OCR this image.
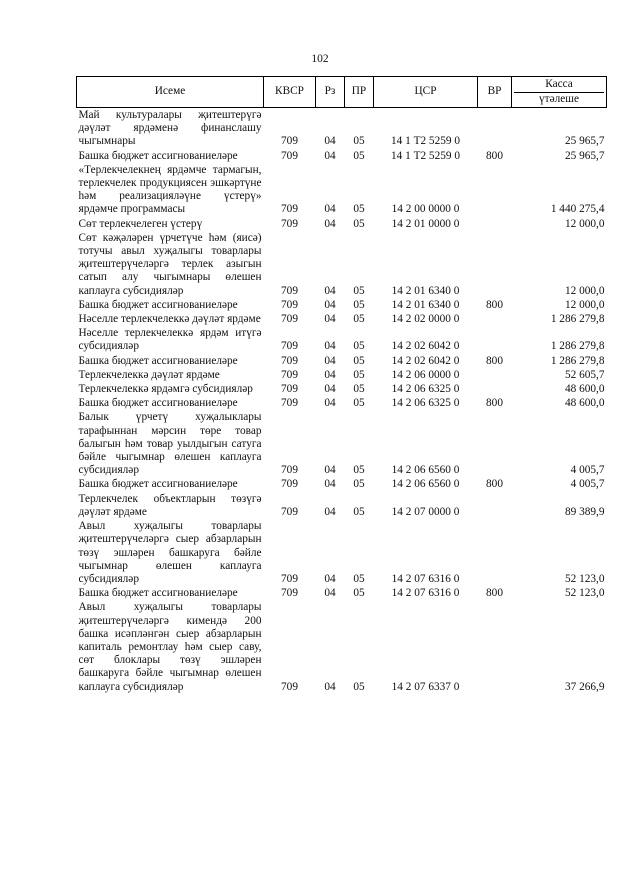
102
Исеме	КВСР	Рз	ПР	ЦСР	ВР	Касса
үтәлеше

Май культуралары җитештерүгә дәүләт ярдәменә финанслашу чыгымнары	709	04	05	14 1 Т2 5259 0		25 965,7
Башка бюджет ассигнованиеләре	709	04	05	14 1 Т2 5259 0	800	25 965,7
«Терлекчелекнең ярдәмче тармагын, терлекчелек продукциясен эшкәртүне һәм реализацияләүне үстерү» ярдәмче программасы	709	04	05	14 2 00 0000 0		1 440 275,4
Сөт терлекчелеген үстерү	709	04	05	14 2 01 0000 0		12 000,0
Сөт кәҗәләрен үрчетүче һәм (яисә) тотучы авыл хуҗалыгы товарлары җитештерүчеләргә терлек азыгын сатып алу чыгымнары өлешен каплауга субсидияләр	709	04	05	14 2 01 6340 0		12 000,0
Башка бюджет ассигнованиеләре	709	04	05	14 2 01 6340 0	800	12 000,0
Нәселле терлекчелеккә дәүләт ярдәме	709	04	05	14 2 02 0000 0		1 286 279,8
Нәселле терлекчелеккә ярдәм итүгә субсидияләр	709	04	05	14 2 02 6042 0		1 286 279,8
Башка бюджет ассигнованиеләре	709	04	05	14 2 02 6042 0	800	1 286 279,8
Терлекчелеккә дәүләт ярдәме	709	04	05	14 2 06 0000 0		52 605,7
Терлекчелеккә ярдәмгә субсидияләр	709	04	05	14 2 06 6325 0		48 600,0
Башка бюджет ассигнованиеләре	709	04	05	14 2 06 6325 0	800	48 600,0
Балык үрчетү хуҗалыклары тарафыннан мәрсин төре товар балыгын һәм товар уылдыгын сатуга бәйле чыгымнар өлешен каплауга субсидияләр	709	04	05	14 2 06 6560 0		4 005,7
Башка бюджет ассигнованиеләре	709	04	05	14 2 06 6560 0	800	4 005,7
Терлекчелек объектларын төзүгә дәүләт ярдәме	709	04	05	14 2 07 0000 0		89 389,9
Авыл хуҗалыгы товарлары җитештерүчеләргә сыер абзарларын төзү эшләрен башкаруга бәйле чыгымнар өлешен каплауга субсидияләр	709	04	05	14 2 07 6316 0		52 123,0
Башка бюджет ассигнованиеләре	709	04	05	14 2 07 6316 0	800	52 123,0
Авыл хуҗалыгы товарлары җитештерүчеләргә кимендә 200 башка исәпләнгән сыер абзарларын капиталь ремонтлау һәм сыер саву, сөт блоклары төзү эшләрен башкаруга бәйле чыгымнар өлешен каплауга субсидияләр	709	04	05	14 2 07 6337 0		37 266,9
